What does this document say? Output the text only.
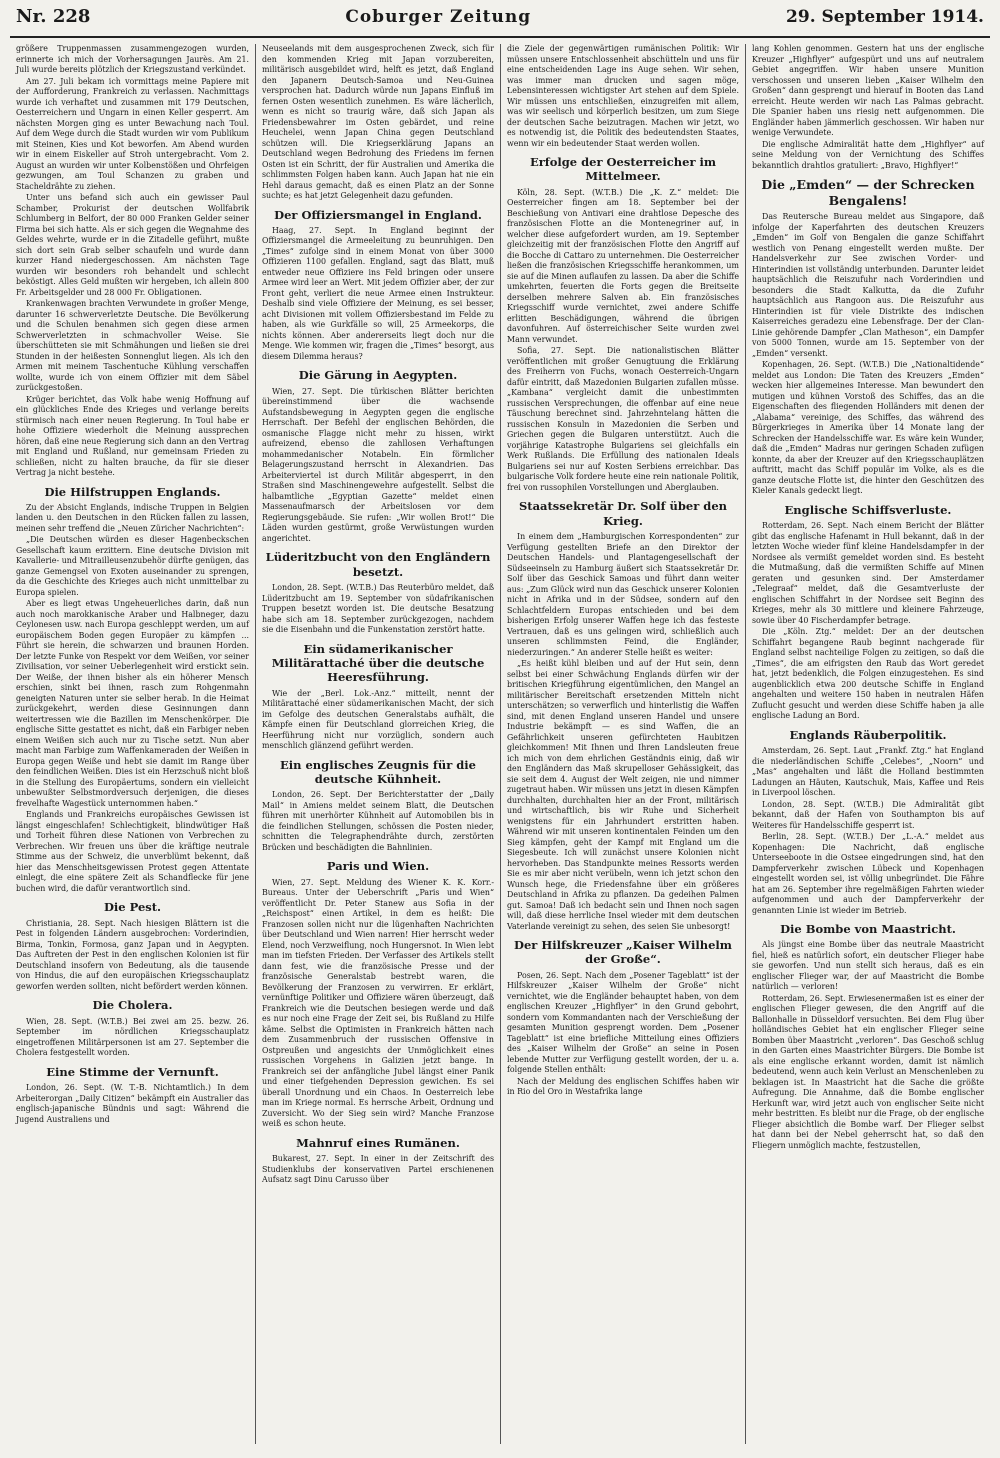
Nr. 228	Coburger Zeitung	29. September 1914.

größere Truppenmassen zusammengezogen wurden, erinnerte ich mich der Vorhersagungen Jaurès. Am 21. Juli wurde bereits plötzlich der Kriegszustand verkündet.

Am 27. Juli bekam ich vormittags meine Papiere mit der Aufforderung, Frankreich zu verlassen. Nachmittags wurde ich verhaftet und zusammen mit 179 Deutschen, Oesterreichern und Ungarn in einen Keller gesperrt. Am nächsten Morgen ging es unter Bewachung nach Toul. Auf dem Wege durch die Stadt wurden wir vom Publikum mit Steinen, Kies und Kot beworfen. Am Abend wurden wir in einem Eiskeller auf Stroh untergebracht. Vom 2. August an wurden wir unter Kolbenstößen und Ohrfeigen gezwungen, am Toul Schanzen zu graben und Stacheldrähte zu ziehen.

Unter uns befand sich auch ein gewisser Paul Schamber, Prokurist der deutschen Wollfabrik Schlumberg in Belfort, der 80 000 Franken Gelder seiner Firma bei sich hatte. Als er sich gegen die Wegnahme des Geldes wehrte, wurde er in die Zitadelle geführt, mußte sich dort sein Grab selber schaufeln und wurde dann kurzer Hand niedergeschossen. Am nächsten Tage wurden wir besonders roh behandelt und schlecht beköstigt. Alles Geld mußten wir hergeben, ich allein 800 Fr. Arbeitsgelder und 28 000 Fr. Obligationen.

Krankenwagen brachten Verwundete in großer Menge, darunter 16 schwerverletzte Deutsche. Die Bevölkerung und die Schulen benahmen sich gegen diese armen Schwerverletzten in schmachvoller Weise. Sie überschütteten sie mit Schmähungen und ließen sie drei Stunden in der heißesten Sonnenglut liegen. Als ich den Armen mit meinem Taschentuche Kühlung verschaffen wollte, wurde ich von einem Offizier mit dem Säbel zurückgestoßen.

Krüger berichtet, das Volk habe wenig Hoffnung auf ein glückliches Ende des Krieges und verlange bereits stürmisch nach einer neuen Regierung. In Toul habe er hohe Offiziere wiederholt die Meinung aussprechen hören, daß eine neue Regierung sich dann an den Vertrag mit England und Rußland, nur gemeinsam Frieden zu schließen, nicht zu halten brauche, da für sie dieser Vertrag ja nicht bestehe.

Die Hilfstruppen Englands.

Zu der Absicht Englands, indische Truppen in Belgien landen u. den Deutschen in den Rücken fallen zu lassen, meinen sehr treffend die „Neuen Züricher Nachrichten“:

„Die Deutschen würden es dieser Hagenbeckschen Gesellschaft kaum erzittern. Eine deutsche Division mit Kavallerie- und Mitrailleusenzubehör dürfte genügen, das ganze Gemengsel von Exoten auseinander zu sprengen, da die Geschichte des Krieges auch nicht unmittelbar zu Europa spielen.

Aber es liegt etwas Ungeheuerliches darin, daß nun auch noch marokkanische Araber und Halbneger, dazu Ceylonesen usw. nach Europa geschleppt werden, um auf europäischem Boden gegen Europäer zu kämpfen ... Führt sie herein, die schwarzen und braunen Horden. Der letzte Funke von Respekt vor dem Weißen, vor seiner Zivilisation, vor seiner Ueberlegenheit wird erstickt sein. Der Weiße, der ihnen bisher als ein höherer Mensch erschien, sinkt bei ihnen, rasch zum Rohgenmahn geneigten Naturen unter sie selber herab. In die Heimat zurückgekehrt, werden diese Gesinnungen dann weitertressen wie die Bazillen im Menschenkörper. Die englische Sitte gestattet es nicht, daß ein Farbiger neben einem Weißen sich auch nur zu Tische setzt. Nun aber macht man Farbige zum Waffenkameraden der Weißen in Europa gegen Weiße und hebt sie damit im Range über den feindlichen Weißen. Dies ist ein Herzschuß nicht bloß in die Stellung des Europäertums, sondern ein vielleicht unbewußter Selbstmordversuch derjenigen, die dieses frevelhafte Wagestück unternommen haben.“

Englands und Frankreichs europäisches Gewissen ist längst eingeschlafen! Schlechtigkeit, blindwütiger Haß und Torheit führen diese Nationen von Verbrechen zu Verbrechen. Wir freuen uns über die kräftige neutrale Stimme aus der Schweiz, die unverblümt bekennt, daß hier das Menschheitsgewissen Protest gegen Attentate einlegt, die eine spätere Zeit als Schandflecke für jene buchen wird, die dafür verantwortlich sind.

Die Pest.

Christiania, 28. Sept. Nach hiesigen Blättern ist die Pest in folgenden Ländern ausgebrochen: Vorderindien, Birma, Tonkin, Formosa, ganz Japan und in Aegypten. Das Auftreten der Pest in den englischen Kolonien ist für Deutschland insofern von Bedeutung, als die tausende von Hindus, die auf den europäischen Kriegsschauplatz geworfen werden sollten, nicht befördert werden können.

Die Cholera.

Wien, 28. Sept. (W.T.B.) Bei zwei am 25. bezw. 26. September im nördlichen Kriegsschauplatz eingetroffenen Militärpersonen ist am 27. September die Cholera festgestellt worden.

Eine Stimme der Vernunft.

London, 26. Sept. (W. T.-B. Nichtamtlich.) In dem Arbeiterorgan „Daily Citizen“ bekämpft ein Australier das englisch-japanische Bündnis und sagt: Während die Jugend Australiens und

Neuseelands mit dem ausgesprochenen Zweck, sich für den kommenden Krieg mit Japan vorzubereiten, militärisch ausgebildet wird, helft es jetzt, daß England den Japanern Deutsch-Samoa und Neu-Guinea versprochen hat. Dadurch würde nun Japans Einfluß im fernen Osten wesentlich zunehmen. Es wäre lächerlich, wenn es nicht so traurig wäre, daß sich Japan als Friedensbewahrer im Osten gebärdet, und reine Heuchelei, wenn Japan China gegen Deutschland schützen will. Die Kriegserklärung Japans an Deutschland wegen Bedrohung des Friedens im fernen Osten ist ein Schritt, der für Australien und Amerika die schlimmsten Folgen haben kann. Auch Japan hat nie ein Hehl daraus gemacht, daß es einen Platz an der Sonne suchte; es hat jetzt Gelegenheit dazu gefunden.

Der Offiziersmangel in England.

Haag, 27. Sept. In England beginnt der Offiziersmangel die Armeeleitung zu beunruhigen. Den „Times“ zufolge sind in einem Monat von über 3000 Offizieren 1100 gefallen. England, sagt das Blatt, muß entweder neue Offiziere ins Feld bringen oder unsere Armee wird leer an Wert. Mit jedem Offizier aber, der zur Front geht, verliert die neue Armee einen Instrukteur. Deshalb sind viele Offiziere der Meinung, es sei besser, acht Divisionen mit vollem Offiziersbestand im Felde zu haben, als wie Gurkfälle so will, 25 Armeekorps, die nichts können. Aber andererseits liegt doch nur die Menge. Wie kommen wir, fragen die „Times“ besorgt, aus diesem Dilemma heraus?

Die Gärung in Aegypten.

Wien, 27. Sept. Die türkischen Blätter berichten übereinstimmend über die wachsende Aufstandsbewegung in Aegypten gegen die englische Herrschaft. Der Befehl der englischen Behörden, die osmanische Flagge nicht mehr zu hissen, wirkt aufreizend, ebenso die zahllosen Verhaftungen mohammedanischer Notabeln. Ein förmlicher Belagerungszustand herrscht in Alexandrien. Das Arbeiterviertel ist durch Militär abgesperrt, in den Straßen sind Maschinengewehre aufgestellt. Selbst die halbamtliche „Egyptian Gazette“ meldet einen Massenaufmarsch der Arbeitslosen vor dem Regierungsgebäude. Sie rufen: „Wir wollen Brot!“ Die Läden wurden gestürmt, große Verwüstungen wurden angerichtet.

Lüderitzbucht von den Engländern besetzt.

London, 28. Sept. (W.T.B.) Das Reuterbüro meldet, daß Lüderitzbucht am 19. September von südafrikanischen Truppen besetzt worden ist. Die deutsche Besatzung habe sich am 18. September zurückgezogen, nachdem sie die Eisenbahn und die Funkenstation zerstört hatte.

Ein südamerikanischer Militärattaché über die deutsche Heeresführung.

Wie der „Berl. Lok.-Anz.“ mitteilt, nennt der Militärattaché einer südamerikanischen Macht, der sich im Gefolge des deutschen Generalstabs aufhält, die Kämpfe einen für Deutschland glorreichen Krieg, die Heerführung nicht nur vorzüglich, sondern auch menschlich glänzend geführt werden.

Ein englisches Zeugnis für die deutsche Kühnheit.

London, 26. Sept. Der Berichterstatter der „Daily Mail“ in Amiens meldet seinem Blatt, die Deutschen führen mit unerhörter Kühnheit auf Automobilen bis in die feindlichen Stellungen, schössen die Posten nieder, schnitten die Telegraphendrähte durch, zerstörten Brücken und beschädigten die Bahnlinien.

Paris und Wien.

Wien, 27. Sept. Meldung des Wiener K. K. Korr.-Bureaus. Unter der Ueberschrift „Paris und Wien“ veröffentlicht Dr. Peter Stanew aus Sofia in der „Reichspost“ einen Artikel, in dem es heißt: Die Franzosen sollen nicht nur die lügenhaften Nachrichten über Deutschland und Wien narren! Hier herrscht weder Elend, noch Verzweiflung, noch Hungersnot. In Wien lebt man im tiefsten Frieden. Der Verfasser des Artikels stellt dann fest, wie die französische Presse und der französische Generalstab bestrebt waren, die Bevölkerung der Franzosen zu verwirren. Er erklärt, vernünftige Politiker und Offiziere wären überzeugt, daß Frankreich wie die Deutschen besiegen werde und daß es nur noch eine Frage der Zeit sei, bis Rußland zu Hilfe käme. Selbst die Optimisten in Frankreich hätten nach dem Zusammenbruch der russischen Offensive in Ostpreußen und angesichts der Unmöglichkeit eines russischen Vorgehens in Galizien jetzt bange. In Frankreich sei der anfängliche Jubel längst einer Panik und einer tiefgehenden Depression gewichen. Es sei überall Unordnung und ein Chaos. In Oesterreich lebe man im Kriege normal. Es herrsche Arbeit, Ordnung und Zuversicht. Wo der Sieg sein wird? Manche Franzose weiß es schon heute.

Mahnruf eines Rumänen.

Bukarest, 27. Sept. In einer in der Zeitschrift des Studienklubs der konservativen Partei erschienenen Aufsatz sagt Dinu Carusso über

die Ziele der gegenwärtigen rumänischen Politik: Wir müssen unsere Entschlossenheit abschütteln und uns für eine entscheidenden Lage ins Auge sehen. Wir sehen, was immer man drucken und sagen möge, Lebensinteressen wichtigster Art stehen auf dem Spiele. Wir müssen uns entschließen, einzugreifen mit allem, was wir seelisch und körperlich besitzen, um zum Siege der deutschen Sache beizutragen. Machen wir jetzt, wo es notwendig ist, die Politik des bedeutendsten Staates, wenn wir ein bedeutender Staat werden wollen.

Erfolge der Oesterreicher im Mittelmeer.

Köln, 28. Sept. (W.T.B.) Die „K. Z.“ meldet: Die Oesterreicher fingen am 18. September bei der Beschießung von Antivari eine drahtlose Depesche des französischen Flotte an die Montenegriner auf, in welcher diese aufgefordert wurden, am 19. September gleichzeitig mit der französischen Flotte den Angriff auf die Bocche di Cattaro zu unternehmen. Die Oesterreicher ließen die französischen Kriegsschiffe herankommen, um sie auf die Minen auflaufen zu lassen. Da aber die Schiffe umkehrten, feuerten die Forts gegen die Breitseite derselben mehrere Salven ab. Ein französisches Kriegsschiff wurde vernichtet, zwei andere Schiffe erlitten Beschädigungen, während die übrigen davonfuhren. Auf österreichischer Seite wurden zwei Mann verwundet.

Sofia, 27. Sept. Die nationalistischen Blätter veröffentlichen mit großer Genugtuung die Erklärung des Freiherrn von Fuchs, wonach Oesterreich-Ungarn dafür eintritt, daß Mazedonien Bulgarien zufallen müsse. „Kambana“ vergleicht damit die unbestimmten russischen Versprechungen, die offenbar auf eine neue Täuschung berechnet sind. Jahrzehntelang hätten die russischen Konsuln in Mazedonien die Serben und Griechen gegen die Bulgaren unterstützt. Auch die vorjährige Katastrophe Bulgariens sei gleichfalls ein Werk Rußlands. Die Erfüllung des nationalen Ideals Bulgariens sei nur auf Kosten Serbiens erreichbar. Das bulgarische Volk fordere heute eine rein nationale Politik, frei von russophilen Vorstellungen und Aberglauben.

Staatssekretär Dr. Solf über den Krieg.

In einem dem „Hamburgischen Korrespondenten“ zur Verfügung gestellten Briefe an den Direktor der Deutschen Handels- und Plantagengesellschaft der Südseeinseln zu Hamburg äußert sich Staatssekretär Dr. Solf über das Geschick Samoas und führt dann weiter aus: „Zum Glück wird nun das Geschick unserer Kolonien nicht in Afrika und in der Südsee, sondern auf den Schlachtfeldern Europas entschieden und bei dem bisherigen Erfolg unserer Waffen hege ich das festeste Vertrauen, daß es uns gelingen wird, schließlich auch unseren schlimmsten Feind, die Engländer, niederzuringen.“ An anderer Stelle heißt es weiter:

„Es heißt kühl bleiben und auf der Hut sein, denn selbst bei einer Schwächung Englands dürfen wir der britischen Kriegführung eigentümlichen, den Mangel an militärischer Bereitschaft ersetzenden Mitteln nicht unterschätzen; so verwerflich und hinterlistig die Waffen sind, mit denen England unseren Handel und unsere Industrie bekämpft — es sind Waffen, die an Gefährlichkeit unseren gefürchteten Haubitzen gleichkommen! Mit Ihnen und Ihren Landsleuten freue ich mich von dem ehrlichen Geständnis einig, daß wir den Engländern das Maß skrupelloser Gehässigkeit, das sie seit dem 4. August der Welt zeigen, nie und nimmer zugetraut haben. Wir müssen uns jetzt in diesen Kämpfen durchhalten, durchhalten hier an der Front, militärisch und wirtschaftlich, bis wir Ruhe und Sicherheit wenigstens für ein Jahrhundert erstritten haben. Während wir mit unseren kontinentalen Feinden um den Sieg kämpfen, geht der Kampf mit England um die Siegesbeute. Ich will zunächst unsere Kolonien nicht hervorheben. Das Standpunkte meines Ressorts werden Sie es mir aber nicht verübeln, wenn ich jetzt schon den Wunsch hege, die Friedensfahne über ein größeres Deutschland in Afrika zu pflanzen. Da gedeihen Palmen gut. Samoa! Daß ich bedacht sein und Ihnen noch sagen will, daß diese herrliche Insel wieder mit dem deutschen Vaterlande vereinigt zu sehen, des seien Sie unbesorgt!

Der Hilfskreuzer „Kaiser Wilhelm der Große“.

Posen, 26. Sept. Nach dem „Posener Tageblatt“ ist der Hilfskreuzer „Kaiser Wilhelm der Große“ nicht vernichtet, wie die Engländer behauptet haben, von dem englischen Kreuzer „Highflyer“ in den Grund gebohrt, sondern vom Kommandanten nach der Verschießung der gesamten Munition gesprengt worden. Dem „Posener Tageblatt“ ist eine briefliche Mitteilung eines Offiziers des „Kaiser Wilhelm der Große“ an seine in Posen lebende Mutter zur Verfügung gestellt worden, der u. a. folgende Stellen enthält:

Nach der Meldung des englischen Schiffes haben wir in Rio del Oro in Westafrika lange

lang Kohlen genommen. Gestern hat uns der englische Kreuzer „Highflyer“ aufgespürt und uns auf neutralem Gebiet angegriffen. Wir haben unsere Munition verschossen und unseren lieben „Kaiser Wilhelm den Großen“ dann gesprengt und hierauf in Booten das Land erreicht. Heute werden wir nach Las Palmas gebracht. Die Spanier haben uns riesig nett aufgenommen. Die Engländer haben jämmerlich geschossen. Wir haben nur wenige Verwundete.

Die englische Admiralität hatte dem „Highflyer“ auf seine Meldung von der Vernichtung des Schiffes bekanntlich drahtlos gratuliert: „Bravo, Highflyer!“

Die „Emden“ — der Schrecken Bengalens!

Das Reutersche Bureau meldet aus Singapore, daß infolge der Kaperfahrten des deutschen Kreuzers „Emden“ im Golf von Bengalen die ganze Schiffahrt westlich von Penang eingestellt werden mußte. Der Handelsverkehr zur See zwischen Vorder- und Hinterindien ist vollständig unterbunden. Darunter leidet hauptsächlich die Reiszufuhr nach Vorderindien und besonders die Stadt Kalkutta, da die Zufuhr hauptsächlich aus Rangoon aus. Die Reiszufuhr aus Hinterindien ist für viele Distrikte des indischen Kaiserreiches geradezu eine Lebensfrage. Der der Clan-Linie gehörende Dampfer „Clan Matheson“, ein Dampfer von 5000 Tonnen, wurde am 15. September von der „Emden“ versenkt.

Kopenhagen, 26. Sept. (W.T.B.) Die „Nationaltidende“ meldet aus London: Die Taten des Kreuzers „Emden“ wecken hier allgemeines Interesse. Man bewundert den mutigen und kühnen Vorstoß des Schiffes, das an die Eigenschaften des fliegenden Holländers mit denen der „Alabama“ vereinige, des Schiffes, das während des Bürgerkrieges in Amerika über 14 Monate lang der Schrecken der Handelsschiffe war. Es wäre kein Wunder, daß die „Emden“ Madras nur geringen Schaden zufügen konnte, da aber der Kreuzer auf den Kriegsschauplätzen auftritt, macht das Schiff populär im Volke, als es die ganze deutsche Flotte ist, die hinter den Geschützen des Kieler Kanals gedeckt liegt.

Englische Schiffsverluste.

Rotterdam, 26. Sept. Nach einem Bericht der Blätter gibt das englische Hafenamt in Hull bekannt, daß in der letzten Woche wieder fünf kleine Handelsdampfer in der Nordsee als vermißt gemeldet worden sind. Es besteht die Mutmaßung, daß die vermißten Schiffe auf Minen geraten und gesunken sind. Der Amsterdamer „Telegraaf“ meldet, daß die Gesamtverluste der englischen Schiffahrt in der Nordsee seit Beginn des Krieges, mehr als 30 mittlere und kleinere Fahrzeuge, sowie über 40 Fischerdampfer betrage.

Die „Köln. Ztg.“ meldet: Der an der deutschen Schiffahrt begangene Raub beginnt nachgerade für England selbst nachteilige Folgen zu zeitigen, so daß die „Times“, die am eifrigsten den Raub das Wort geredet hat, jetzt bedenklich, die Folgen einzugestehen. Es sind augenblicklich etwa 200 deutsche Schiffe in England angehalten und weitere 150 haben in neutralen Häfen Zuflucht gesucht und werden diese Schiffe haben ja alle englische Ladung an Bord.

Englands Räuberpolitik.

Amsterdam, 26. Sept. Laut „Frankf. Ztg.“ hat England die niederländischen Schiffe „Celebes“, „Noorn“ und „Mas“ angehalten und läßt die Holland bestimmten Ladungen an Häuten, Kautschuk, Mais, Kaffee und Reis in Liverpool löschen.

London, 28. Sept. (W.T.B.) Die Admiralität gibt bekannt, daß der Hafen von Southampton bis auf Weiteres für Handelsschiffe gesperrt ist.

Berlin, 28. Sept. (W.T.B.) Der „L.-A.“ meldet aus Kopenhagen: Die Nachricht, daß englische Unterseeboote in die Ostsee eingedrungen sind, hat den Dampferverkehr zwischen Lübeck und Kopenhagen eingestellt worden sei, ist völlig unbegründet. Die Fähre hat am 26. September ihre regelmäßigen Fahrten wieder aufgenommen und auch der Dampferverkehr der genannten Linie ist wieder im Betrieb.

Die Bombe von Maastricht.

Als jüngst eine Bombe über das neutrale Maastricht fiel, hieß es natürlich sofort, ein deutscher Flieger habe sie geworfen. Und nun stellt sich heraus, daß es ein englischer Flieger war, der auf Maastricht die Bombe natürlich — verloren!

Rotterdam, 26. Sept. Erwiesenermaßen ist es einer der englischen Flieger gewesen, die den Angriff auf die Ballonhalle in Düsseldorf versuchten. Bei dem Flug über holländisches Gebiet hat ein englischer Flieger seine Bomben über Maastricht „verloren“. Das Geschoß schlug in den Garten eines Maastrichter Bürgers. Die Bombe ist als eine englische erkannt worden, damit ist nämlich bedeutend, wenn auch kein Verlust an Menschenleben zu beklagen ist. In Maastricht hat die Sache die größte Aufregung. Die Annahme, daß die Bombe englischer Herkunft war, wird jetzt auch von englischer Seite nicht mehr bestritten. Es bleibt nur die Frage, ob der englische Flieger absichtlich die Bombe warf. Der Flieger selbst hat dann bei der Nebel geherrscht hat, so daß den Fliegern unmöglich machte, festzustellen,
